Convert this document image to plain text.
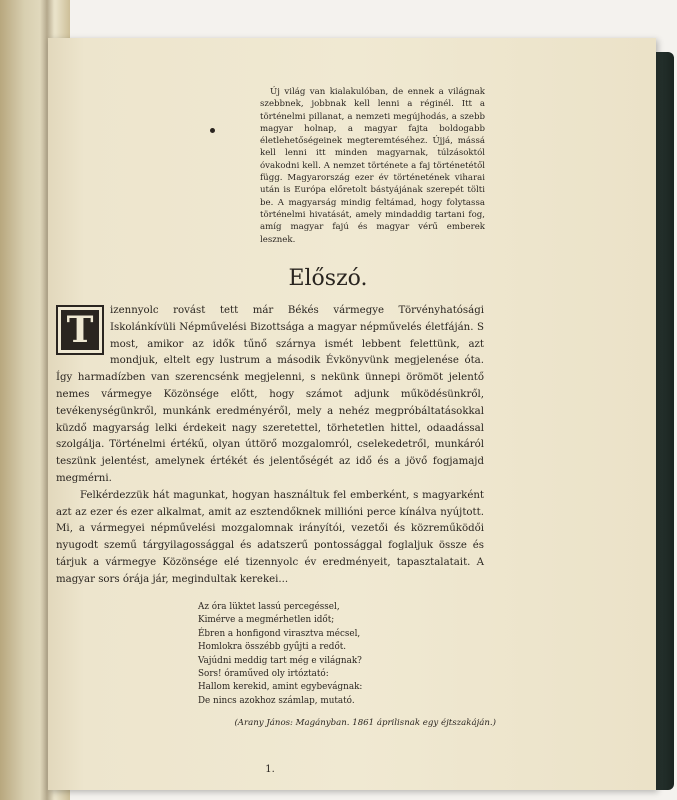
Új világ van kialakulóban, de ennek a világnak szebbnek, jobbnak kell lenni a réginél. Itt a történelmi pillanat, a nemzeti megújhodás, a szebb magyar holnap, a magyar fajta boldogabb életlehetőségeinek megteremtéséhez. Újjá, mássá kell lenni itt minden magyarnak, túlzásoktól óvakodni kell. A nemzet története a faj történetétől függ. Magyarország ezer év történetének viharai után is Európa előretolt bástyájának szerepét tölti be. A magyarság mindig feltámad, hogy folytassa történelmi hivatását, amely mindaddig tartani fog, amíg magyar fajú és magyar vérű emberek lesznek.
Előszó.
T	izennyolc rovást tett már Békés vármegye Törvényhatósági Iskolánkívüli Népművelési Bizottsága a magyar népművelés életfáján. S most, amikor az idők tűnő szárnya ismét lebbent felettünk, azt mondjuk, eltelt egy lustrum a második Évkönyvünk megjelenése óta. Így harmadízben van szerencsénk megjelenni, s nekünk ünnepi örömöt jelentő nemes vármegye Közönsége előtt, hogy számot adjunk működésünkről, tevékenységünkről, munkánk eredményéről, mely a nehéz megpróbáltatásokkal küzdő magyarság lelki érdekeit nagy szeretettel, törhetetlen hittel, odaadással szolgálja. Történelmi értékű, olyan úttörő mozgalomról, cselekedetről, munkáról teszünk jelentést, amelynek értékét és jelentőségét az idő és a jövő fogjamajd megmérni.

Felkérdezzük hát magunkat, hogyan használtuk fel emberként, s magyarként azt az ezer és ezer alkalmat, amit az esztendőknek millióni perce kínálva nyújtott. Mi, a vármegyei népművelési mozgalomnak irányítói, vezetői és közreműködői nyugodt szemű tárgyilagossággal és adatszerű pontossággal foglaljuk össze és tárjuk a vármegye Közönsége elé tizennyolc év eredményeit, tapasztalatait. A magyar sors órája jár, megindultak kerekei...

Az óra lüktet lassú percegéssel,
Kimérve a megmérhetlen időt;
Ébren a honfigond virasztva mécsel,
Homlokra összébb gyűjti a redőt.
Vajúdni meddig tart még e világnak?
Sors! óraműved oly irtóztató:
Hallom kerekid, amint egybevágnak:
De nincs azokhoz számlap, mutató.
(Arany János: Magányban. 1861 áprilisnak egy éjtszakáján.)
1.
